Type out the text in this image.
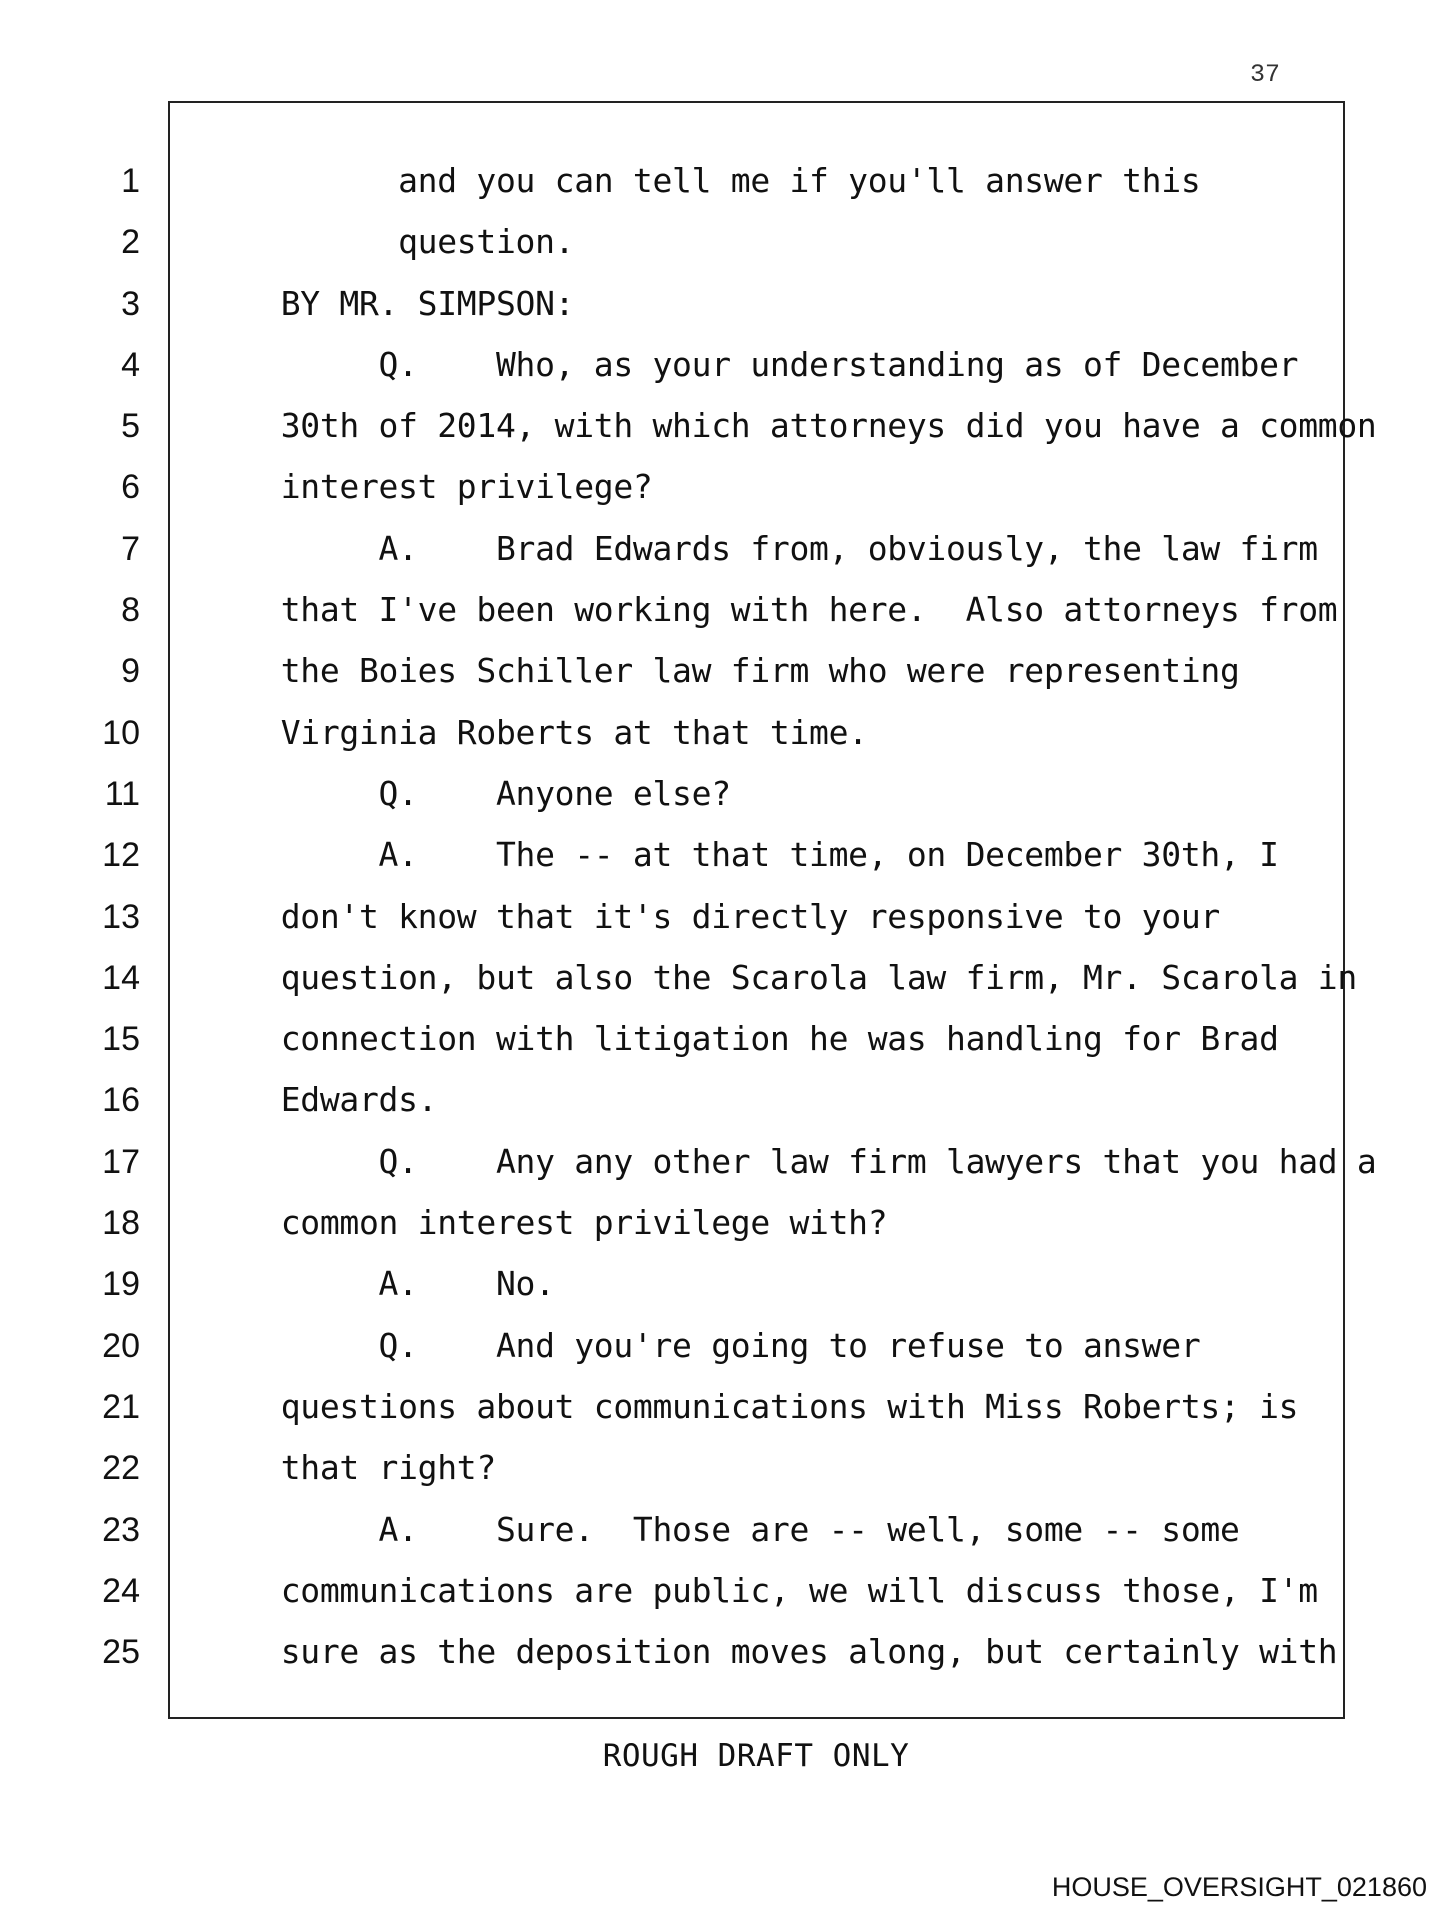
37
1
2
3
4
5
6
7
8
9
10
11
12
13
14
15
16
17
18
19
20
21
22
23
24
25
and you can tell me if you'll answer this
question.
BY MR. SIMPSON:
Q.    Who, as your understanding as of December
30th of 2014, with which attorneys did you have a common
interest privilege?
A.    Brad Edwards from, obviously, the law firm
that I've been working with here.  Also attorneys from
the Boies Schiller law firm who were representing
Virginia Roberts at that time.
Q.    Anyone else?
A.    The -- at that time, on December 30th, I
don't know that it's directly responsive to your
question, but also the Scarola law firm, Mr. Scarola in
connection with litigation he was handling for Brad
Edwards.
Q.    Any any other law firm lawyers that you had a
common interest privilege with?
A.    No.
Q.    And you're going to refuse to answer
questions about communications with Miss Roberts; is
that right?
A.    Sure.  Those are -- well, some -- some
communications are public, we will discuss those, I'm
sure as the deposition moves along, but certainly with
ROUGH DRAFT ONLY
HOUSE_OVERSIGHT_021860
